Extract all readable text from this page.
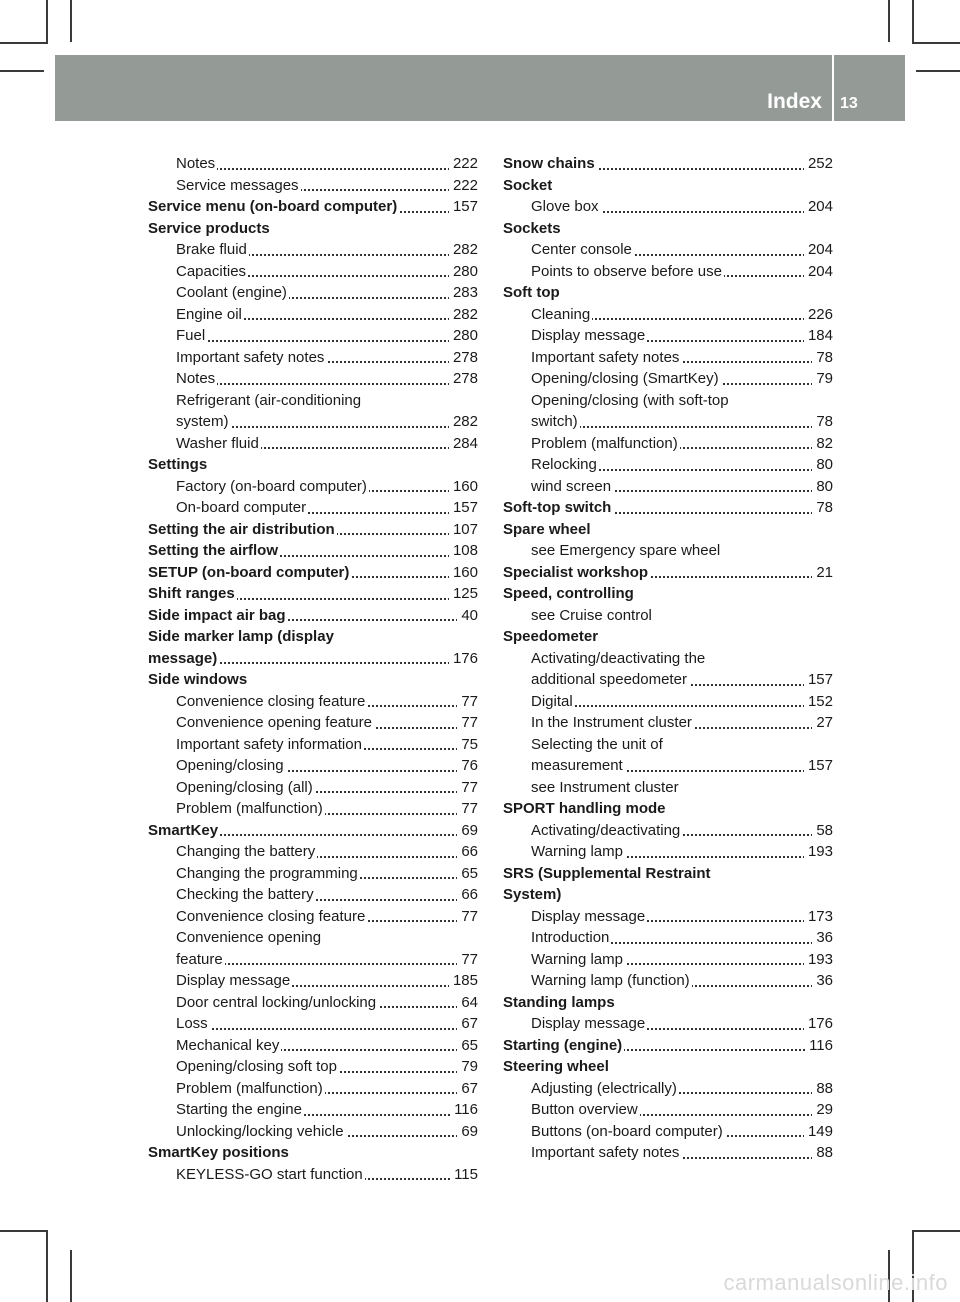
Index 13
Notes	222
Service messages	222
Service menu (on-board computer)	157
Service products
Brake fluid	282
Capacities	280
Coolant (engine)	283
Engine oil	282
Fuel	280
Important safety notes	278
Notes	278
Refrigerant (air-conditioning
system)	282
Washer fluid	284
Settings
Factory (on-board computer)	160
On-board computer	157
Setting the air distribution	107
Setting the airflow	108
SETUP (on-board computer)	160
Shift ranges	125
Side impact air bag	40
Side marker lamp (display
message)	176
Side windows
Convenience closing feature	77
Convenience opening feature	77
Important safety information	75
Opening/closing	76
Opening/closing (all)	77
Problem (malfunction)	77
SmartKey	69
Changing the battery	66
Changing the programming	65
Checking the battery	66
Convenience closing feature	77
Convenience opening
feature	77
Display message	185
Door central locking/unlocking	64
Loss	67
Mechanical key	65
Opening/closing soft top	79
Problem (malfunction)	67
Starting the engine	116
Unlocking/locking vehicle	69
SmartKey positions
KEYLESS-GO start function	115
Snow chains	252
Socket
Glove box	204
Sockets
Center console	204
Points to observe before use	204
Soft top
Cleaning	226
Display message	184
Important safety notes	78
Opening/closing (SmartKey)	79
Opening/closing (with soft-top
switch)	78
Problem (malfunction)	82
Relocking	80
wind screen	80
Soft-top switch	78
Spare wheel
see Emergency spare wheel
Specialist workshop	21
Speed, controlling
see Cruise control
Speedometer
Activating/deactivating the
additional speedometer	157
Digital	152
In the Instrument cluster	27
Selecting the unit of
measurement	157
see Instrument cluster
SPORT handling mode
Activating/deactivating	58
Warning lamp	193
SRS (Supplemental Restraint
System)
Display message	173
Introduction	36
Warning lamp	193
Warning lamp (function)	36
Standing lamps
Display message	176
Starting (engine)	116
Steering wheel
Adjusting (electrically)	88
Button overview	29
Buttons (on-board computer)	149
Important safety notes	88
carmanualsonline.info
